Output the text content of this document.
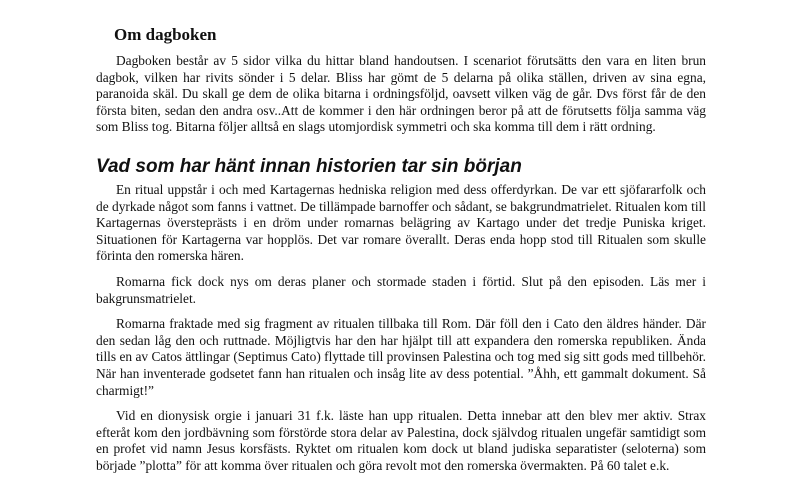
Om dagboken

Dagboken består av 5 sidor vilka du hittar bland handoutsen. I scenariot förutsätts den vara en liten brun dagbok, vilken har rivits sönder i 5 delar. Bliss har gömt de 5 delarna på olika ställen, driven av sina egna, paranoida skäl. Du skall ge dem de olika bitarna i ordningsföljd, oavsett vilken väg de går. Dvs först får de den första biten, sedan den andra osv..Att de kommer i den här ordningen beror på att de förutsetts följa samma väg som Bliss tog. Bitarna följer alltså en slags utomjordisk symmetri och ska komma till dem i rätt ordning.

Vad som har hänt innan historien tar sin början

En ritual uppstår i och med Kartagernas hedniska religion med dess offerdyrkan. De var ett sjöfararfolk och de dyrkade något som fanns i vattnet. De tillämpade barnoffer och sådant, se bakgrundmatrielet. Ritualen kom till Kartagernas översteprästs i en dröm under romarnas belägring av Kartago under det tredje Puniska kriget. Situationen för Kartagerna var hopplös. Det var romare överallt. Deras enda hopp stod till Ritualen som skulle förinta den romerska hären.

Romarna fick dock nys om deras planer och stormade staden i förtid. Slut på den episoden. Läs mer i bakgrunsmatrielet.

Romarna fraktade med sig fragment av ritualen tillbaka till Rom. Där föll den i Cato den äldres händer. Där den sedan låg den och ruttnade. Möjligtvis har den har hjälpt till att expandera den romerska republiken. Ända tills en av Catos ättlingar (Septimus Cato) flyttade till provinsen Palestina och tog med sig sitt gods med tillbehör. När han inventerade godsetet fann han ritualen och insåg lite av dess potential. ”Åhh, ett gammalt dokument. Så charmigt!”

Vid en dionysisk orgie i januari 31 f.k. läste han upp ritualen. Detta innebar att den blev mer aktiv. Strax efteråt kom den jordbävning som förstörde stora delar av Palestina, dock självdog ritualen ungefär samtidigt som en profet vid namn Jesus korsfästs. Ryktet om ritualen kom dock ut bland judiska separatister (seloterna) som började ”plotta” för att komma över ritualen och göra revolt mot den romerska övermakten. På 60 talet e.k.
